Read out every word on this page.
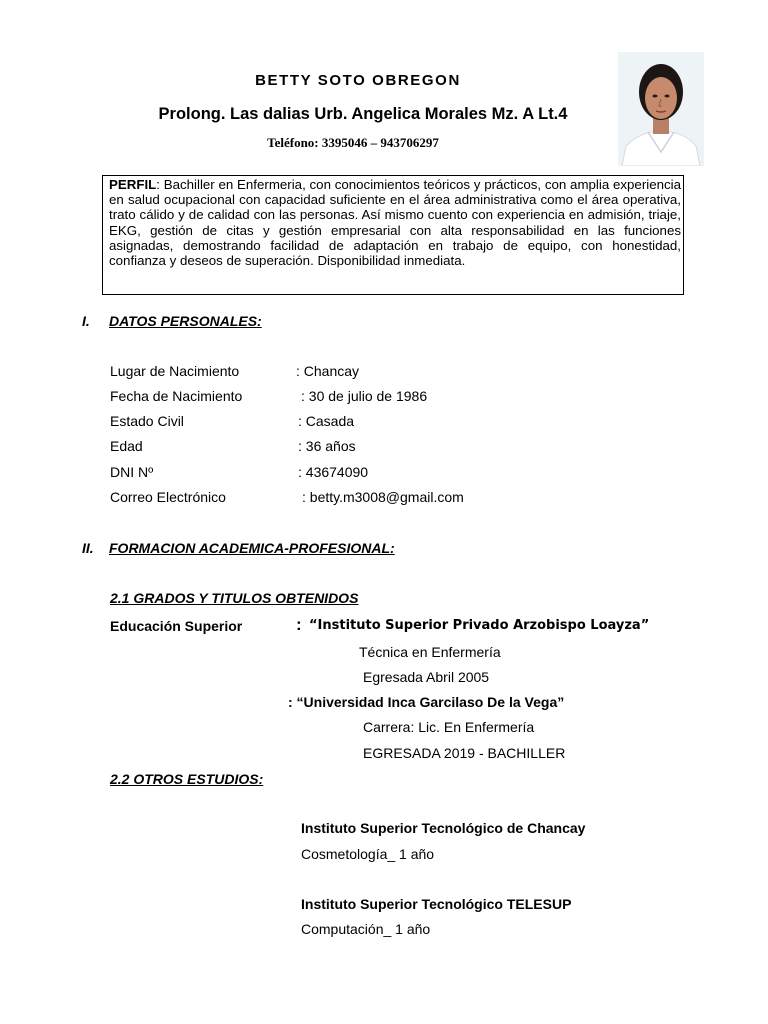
BETTY SOTO OBREGON
Prolong. Las dalias Urb. Angelica Morales Mz. A Lt.4
Teléfono: 3395046 – 943706297
PERFIL: Bachiller en Enfermeria, con conocimientos teóricos y prácticos, con amplia experiencia en salud ocupacional con capacidad suficiente en el área administrativa como el área operativa, trato cálido y de calidad con las personas. Así mismo cuento con experiencia en admisión, triaje, EKG, gestión de citas y gestión empresarial con alta responsabilidad en las funciones asignadas, demostrando facilidad de adaptación en trabajo de equipo, con honestidad, confianza y deseos de superación. Disponibilidad inmediata.
I. DATOS PERSONALES:
Lugar de Nacimiento	: Chancay
Fecha de Nacimiento	: 30 de julio de 1986
Estado Civil	: Casada
Edad	: 36 años
DNI Nº	: 43674090
Correo Electrónico	: betty.m3008@gmail.com
II. FORMACION ACADEMICA-PROFESIONAL:
2.1 GRADOS Y TITULOS OBTENIDOS
Educación Superior	: “Instituto Superior Privado Arzobispo Loayza”
Técnica en Enfermería
Egresada Abril 2005
: “Universidad Inca Garcilaso De la Vega”
Carrera: Lic. En Enfermería
EGRESADA 2019 - BACHILLER
2.2 OTROS ESTUDIOS:
Instituto Superior Tecnológico de Chancay
Cosmetología_ 1 año
Instituto Superior Tecnológico TELESUP
Computación_ 1 año
